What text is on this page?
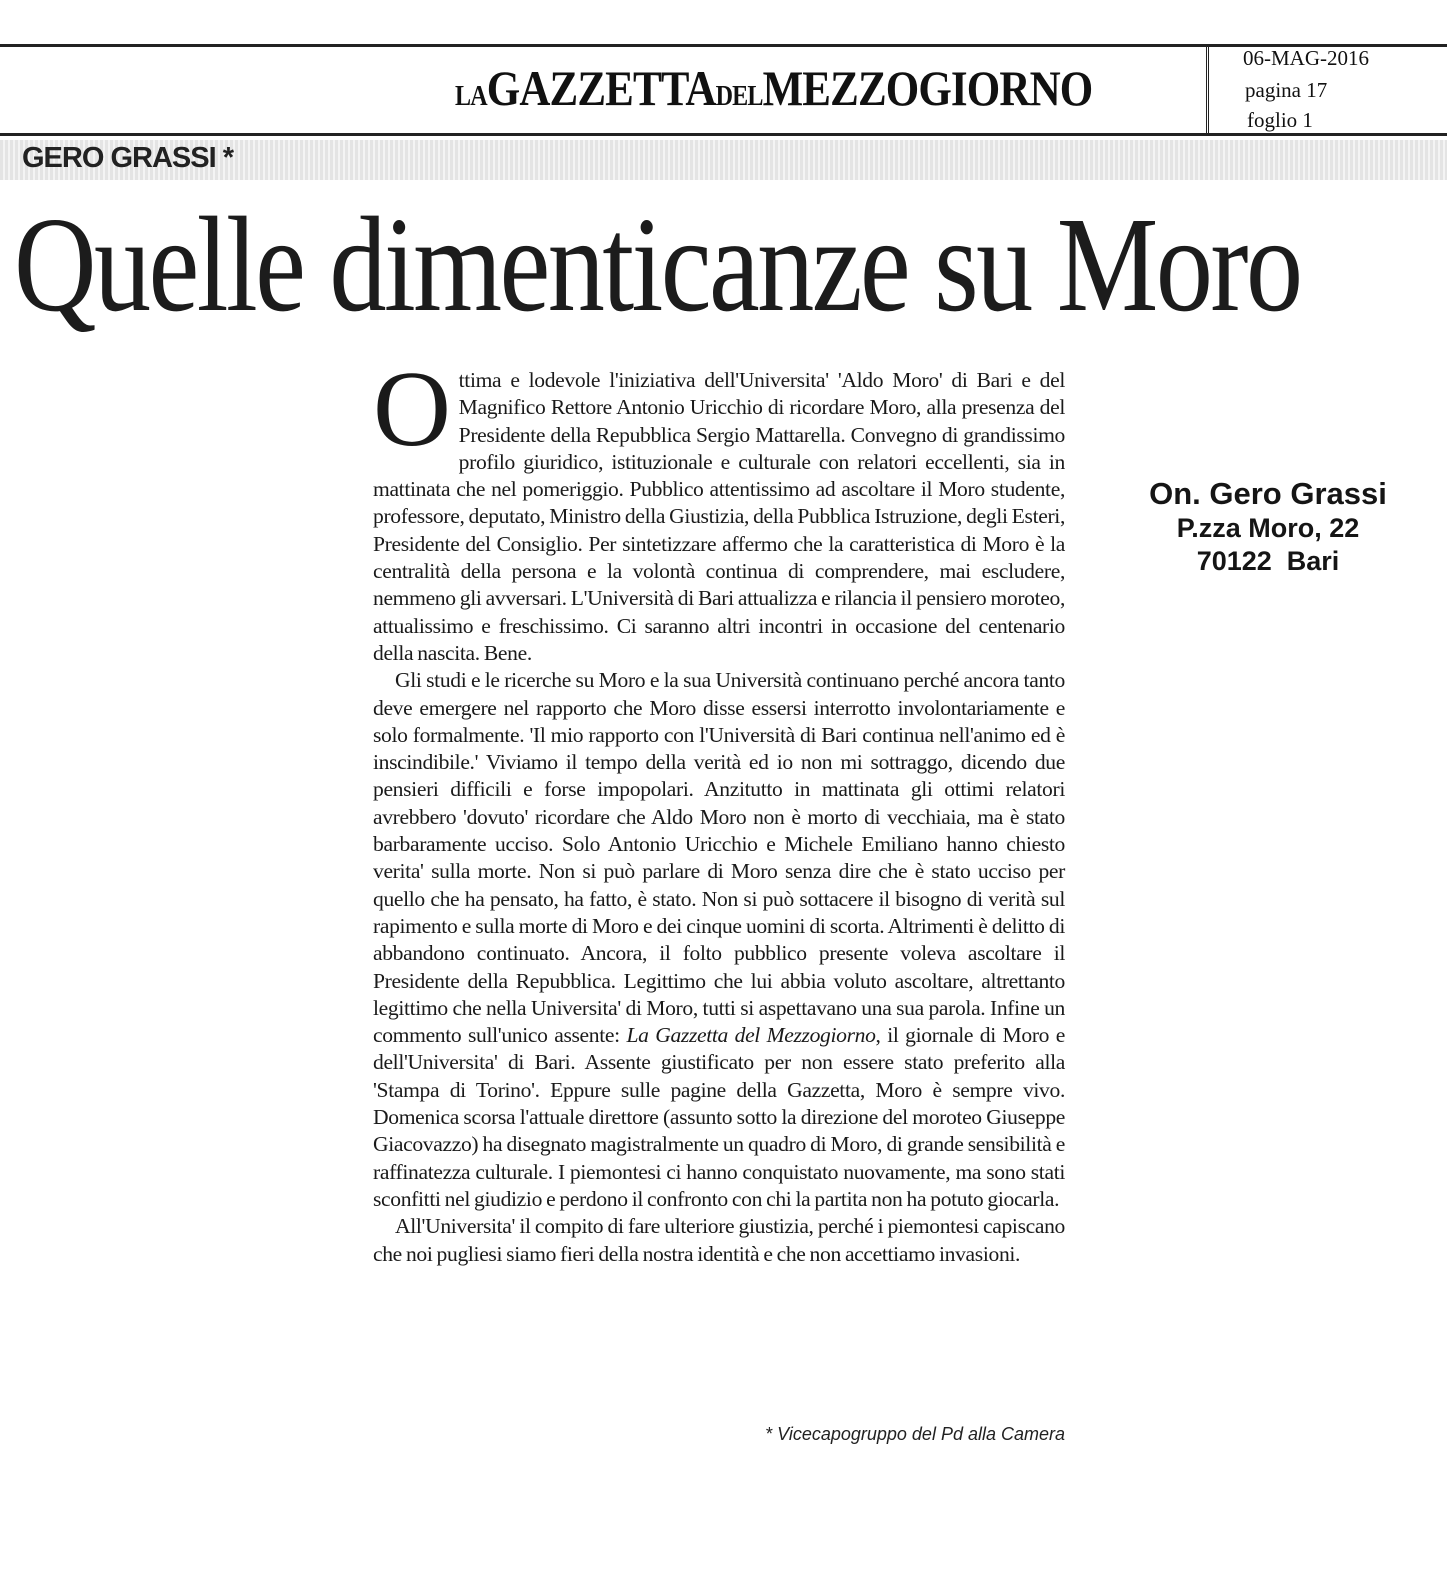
LAGAZZETTADELMEZZOGIORNO
06-MAG-2016
pagina 17
foglio 1
GERO GRASSI *
Quelle dimenticanze su Moro

Ottima e lodevole l'iniziativa dell'Universita' 'Aldo Moro' di Bari e del Magnifico Rettore Antonio Uricchio di ricordare Moro, alla presenza del Presidente della Repubblica Sergio Mattarella. Convegno di grandissimo profilo giuridico, istituzionale e culturale con relatori eccellenti, sia in mattinata che nel pomeriggio. Pubblico attentissimo ad ascoltare il Moro studente, professore, deputato, Ministro della Giustizia, della Pubblica Istruzione, degli Esteri, Presidente del Consiglio. Per sintetizzare affermo che la caratteristica di Moro è la centralità della persona e la volontà continua di comprendere, mai escludere, nemmeno gli avversari. L'Università di Bari attualizza e rilancia il pensiero moroteo, attualissimo e freschissimo. Ci saranno altri incontri in occasione del centenario della nascita. Bene.

Gli studi e le ricerche su Moro e la sua Università continuano perché ancora tanto deve emergere nel rapporto che Moro disse essersi interrotto involontariamente e solo formalmente. 'Il mio rapporto con l'Università di Bari continua nell'animo ed è inscindibile.' Viviamo il tempo della verità ed io non mi sottraggo, dicendo due pensieri difficili e forse impopolari. Anzitutto in mattinata gli ottimi relatori avrebbero 'dovuto' ricordare che Aldo Moro non è morto di vecchiaia, ma è stato barbaramente ucciso. Solo Antonio Uricchio e Michele Emiliano hanno chiesto verita' sulla morte. Non si può parlare di Moro senza dire che è stato ucciso per quello che ha pensato, ha fatto, è stato. Non si può sottacere il bisogno di verità sul rapimento e sulla morte di Moro e dei cinque uomini di scorta. Altrimenti è delitto di abbandono continuato. Ancora, il folto pubblico presente voleva ascoltare il Presidente della Repubblica. Legittimo che lui abbia voluto ascoltare, altrettanto legittimo che nella Universita' di Moro, tutti si aspettavano una sua parola. Infine un commento sull'unico assente: La Gazzetta del Mezzogiorno, il giornale di Moro e dell'Universita' di Bari. Assente giustificato per non essere stato preferito alla 'Stampa di Torino'. Eppure sulle pagine della Gazzetta, Moro è sempre vivo. Domenica scorsa l'attuale direttore (assunto sotto la direzione del moroteo Giuseppe Giacovazzo) ha disegnato magistralmente un quadro di Moro, di grande sensibilità e raffinatezza culturale. I piemontesi ci hanno conquistato nuovamente, ma sono stati sconfitti nel giudizio e perdono il confronto con chi la partita non ha potuto giocarla.

All'Universita' il compito di fare ulteriore giustizia, perché i piemontesi capiscano che noi pugliesi siamo fieri della nostra identità e che non accettiamo invasioni.

* Vicecapogruppo del Pd alla Camera
On. Gero Grassi
P.zza Moro, 22
70122  Bari
